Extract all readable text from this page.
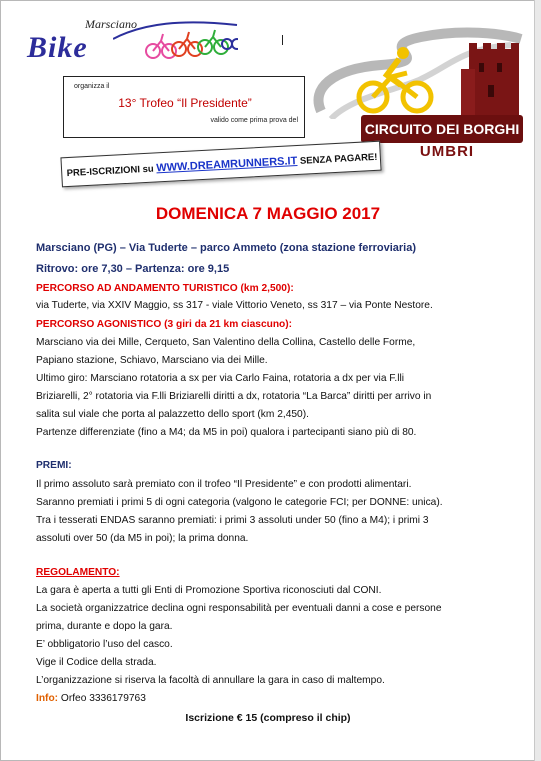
Marsciano
Bike
organizza il
13° Trofeo “Il Presidente”
valido come prima prova del
CIRCUITO DEI BORGHI
UMBRI
PRE-ISCRIZIONI su WWW.DREAMRUNNERS.IT SENZA PAGARE!
DOMENICA 7 MAGGIO 2017
Marsciano (PG) – Via Tuderte – parco Ammeto (zona stazione ferroviaria)
Ritrovo: ore 7,30 – Partenza: ore 9,15
PERCORSO AD ANDAMENTO TURISTICO (km 2,500):
via Tuderte, via XXIV Maggio, ss 317 - viale Vittorio Veneto, ss 317 – via Ponte Nestore.
PERCORSO AGONISTICO (3 giri da 21 km ciascuno):
Marsciano via dei Mille, Cerqueto, San Valentino della Collina, Castello delle Forme,
Papiano stazione, Schiavo, Marsciano via dei Mille.
Ultimo giro: Marsciano rotatoria a sx per via Carlo Faina, rotatoria a dx per via F.lli
Briziarelli, 2° rotatoria via F.lli Briziarelli diritti a dx, rotatoria “La Barca” diritti per arrivo in
salita sul viale che porta al palazzetto dello sport (km 2,450).
Partenze differenziate (fino a M4; da M5 in poi) qualora i partecipanti siano più di 80.
PREMI:
Il primo assoluto sarà premiato con il trofeo “Il Presidente” e con prodotti alimentari.
Saranno premiati i primi 5 di ogni categoria (valgono le categorie FCI; per DONNE: unica).
Tra i tesserati ENDAS saranno premiati: i primi 3 assoluti under 50 (fino a M4); i primi 3
assoluti over 50 (da M5 in poi); la prima donna.
REGOLAMENTO:
La gara è aperta a tutti gli Enti di Promozione Sportiva riconosciuti dal CONI.
La società organizzatrice declina ogni responsabilità per eventuali danni a cose e persone
prima, durante e dopo la gara.
E’ obbligatorio l’uso del casco.
Vige il Codice della strada.
L’organizzazione si riserva la facoltà di annullare la gara in caso di maltempo.
Info: Orfeo 3336179763
Iscrizione € 15 (compreso il chip)
